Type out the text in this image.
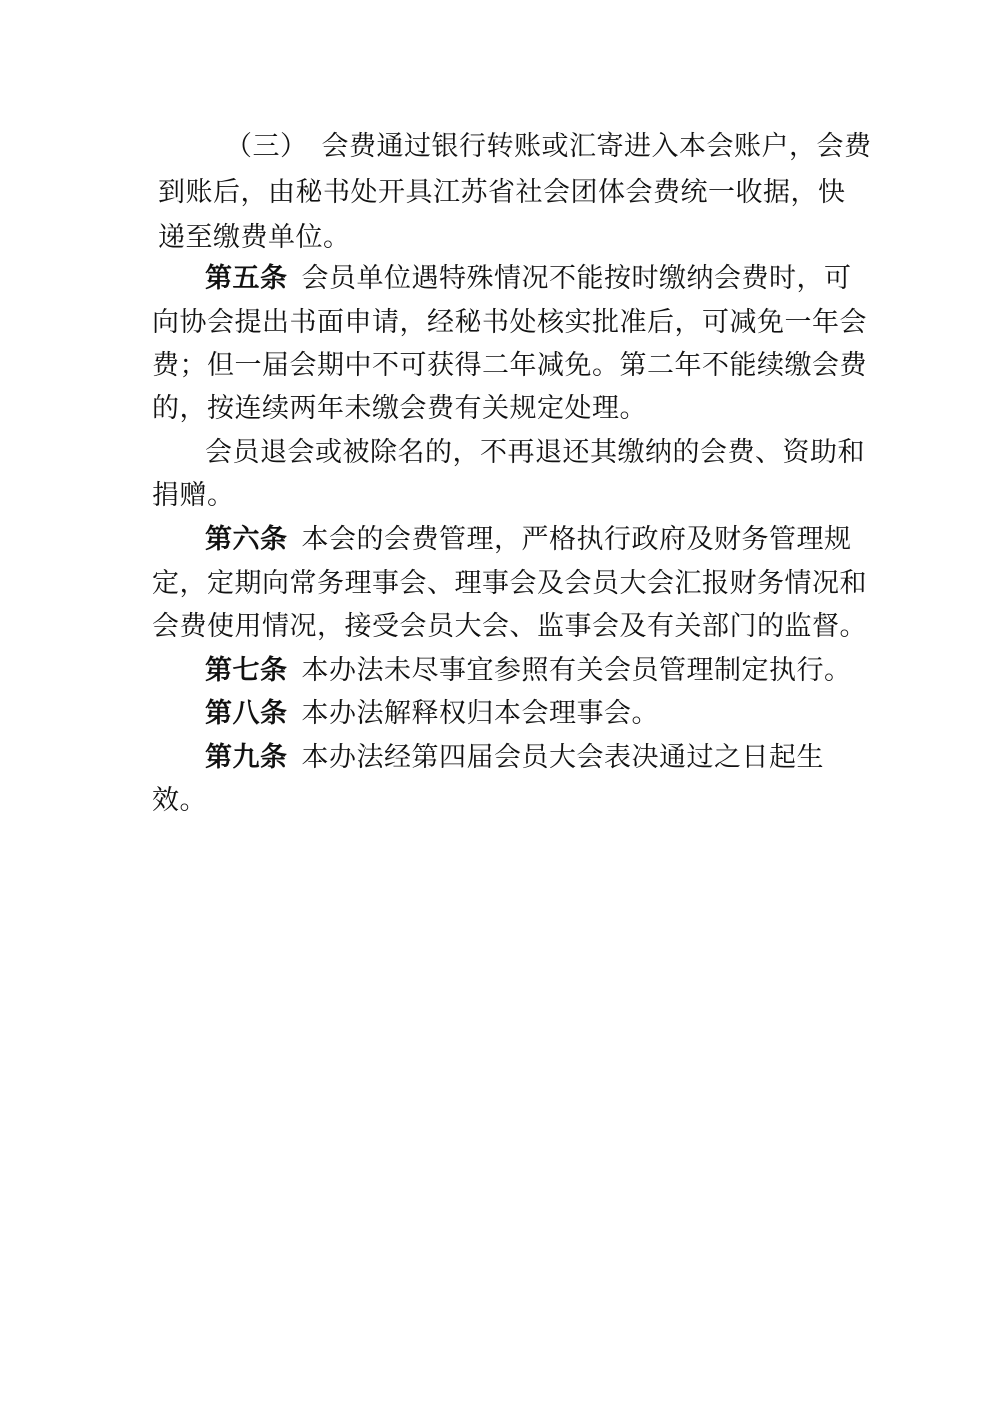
（三） 会费通过银行转账或汇寄进入本会账户，会费
到账后，由秘书处开具江苏省社会团体会费统一收据，快
递至缴费单位。
第五条 会员单位遇特殊情况不能按时缴纳会费时，可
向协会提出书面申请，经秘书处核实批准后，可减免一年会
费；但一届会期中不可获得二年减免。第二年不能续缴会费
的，按连续两年未缴会费有关规定处理。
会员退会或被除名的，不再退还其缴纳的会费、资助和
捐赠。
第六条 本会的会费管理，严格执行政府及财务管理规
定，定期向常务理事会、理事会及会员大会汇报财务情况和
会费使用情况，接受会员大会、监事会及有关部门的监督。
第七条 本办法未尽事宜参照有关会员管理制定执行。
第八条 本办法解释权归本会理事会。
第九条 本办法经第四届会员大会表决通过之日起生
效。
